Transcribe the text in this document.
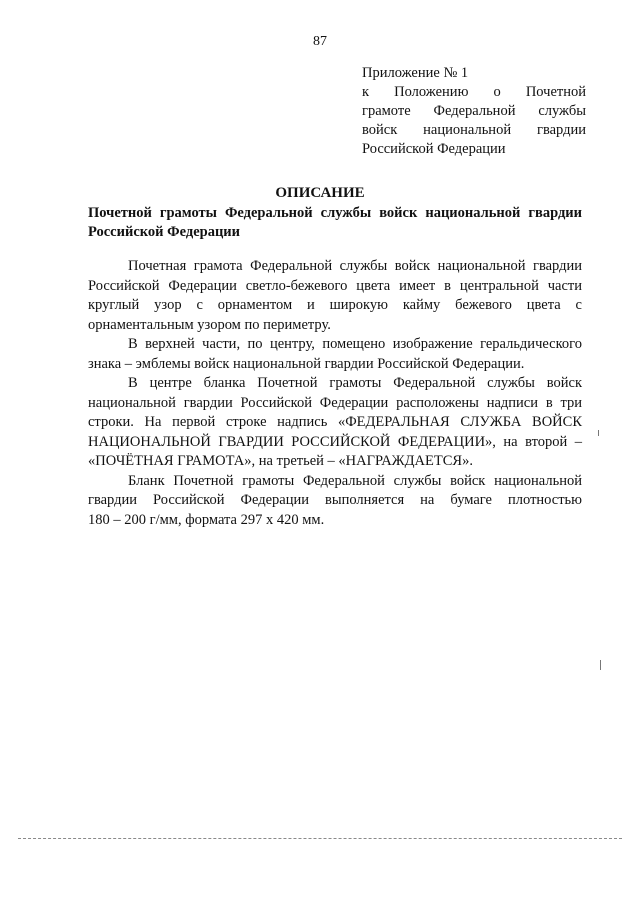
87
Приложение № 1
к Положению о Почетной
грамоте Федеральной службы
войск национальной гвардии
Российской Федерации
ОПИСАНИЕ
Почетной грамоты Федеральной службы войск национальной гвардии
Российской Федерации
Почетная грамота Федеральной службы войск национальной гвардии
Российской Федерации светло-бежевого цвета имеет в центральной части
круглый узор с орнаментом и широкую кайму бежевого цвета с
орнаментальным узором по периметру.
В верхней части, по центру, помещено изображение геральдического
знака – эмблемы войск национальной гвардии Российской Федерации.
В центре бланка Почетной грамоты Федеральной службы войск
национальной гвардии Российской Федерации расположены надписи в три
строки. На первой строке надпись «ФЕДЕРАЛЬНАЯ СЛУЖБА ВОЙСК
НАЦИОНАЛЬНОЙ ГВАРДИИ РОССИЙСКОЙ ФЕДЕРАЦИИ», на второй –
«ПОЧЁТНАЯ ГРАМОТА», на третьей – «НАГРАЖДАЕТСЯ».
Бланк Почетной грамоты Федеральной службы войск национальной
гвардии Российской Федерации выполняется на бумаге плотностью
180 – 200 г/мм, формата 297 х 420 мм.
